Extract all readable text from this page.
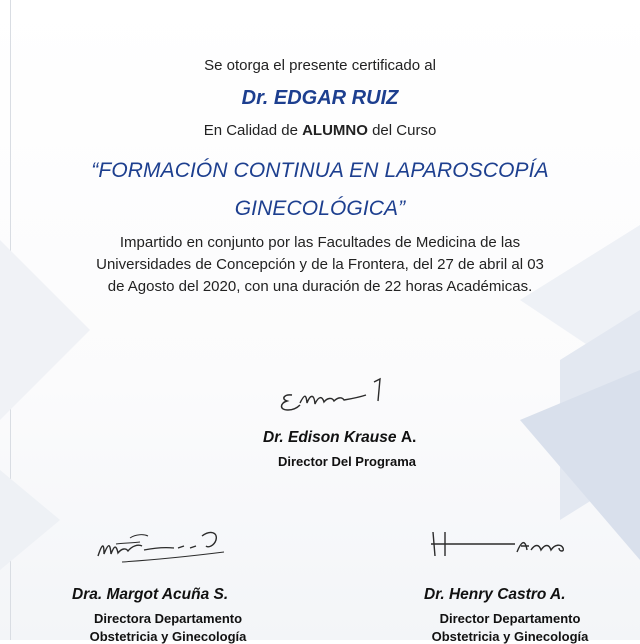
Se otorga el presente certificado al
Dr. EDGAR RUIZ
En Calidad de ALUMNO del Curso
“FORMACIÓN CONTINUA EN LAPAROSCOPÍA
GINECOLÓGICA”
Impartido en conjunto por las Facultades de Medicina de las
Universidades de Concepción y de la Frontera, del 27 de abril al 03
de Agosto del 2020, con una duración de 22 horas Académicas.
Dr. Edison Krause A.
Director Del Programa
Dra. Margot Acuña S.
Directora Departamento
Obstetricia y Ginecología
Dr. Henry Castro A.
Director Departamento
Obstetricia y Ginecología
